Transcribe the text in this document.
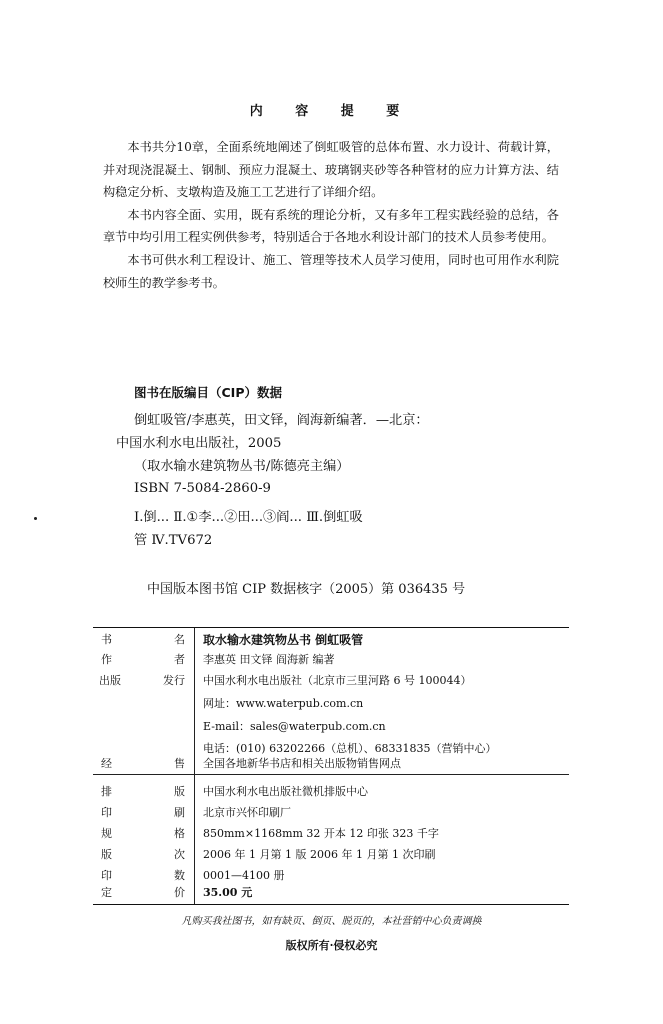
内 容 提 要

本书共分10章，全面系统地阐述了倒虹吸管的总体布置、水力设计、荷载计算，并对现浇混凝土、钢制、预应力混凝土、玻璃钢夹砂等各种管材的应力计算方法、结构稳定分析、支墩构造及施工工艺进行了详细介绍。

本书内容全面、实用，既有系统的理论分析，又有多年工程实践经验的总结，各章节中均引用工程实例供参考，特别适合于各地水利设计部门的技术人员参考使用。

本书可供水利工程设计、施工、管理等技术人员学习使用，同时也可用作水利院校师生的教学参考书。

图书在版编目（CIP）数据
倒虹吸管/李惠英，田文铎，阎海新编著．—北京：
中国水利水电出版社，2005
（取水输水建筑物丛书/陈德亮主编）
ISBN 7-5084-2860-9
Ⅰ.倒... Ⅱ.①李...②田...③阎... Ⅲ.倒虹吸
管 Ⅳ.TV672
中国版本图书馆 CIP 数据核字（2005）第 036435 号
书	名 取水输水建筑物丛书 倒虹吸管
作	者 李惠英 田文铎 阎海新 编著
出版	发行 中国水利水电出版社（北京市三里河路 6 号 100044）
网址：www.waterpub.com.cn
E-mail：sales@waterpub.com.cn
电话：(010) 63202266（总机）、68331835（营销中心）
经	售 全国各地新华书店和相关出版物销售网点
排	版 中国水利水电出版社微机排版中心
印	刷 北京市兴怀印刷厂
规	格 850mm×1168mm 32 开本 12 印张 323 千字
版	次 2006 年 1 月第 1 版 2006 年 1 月第 1 次印刷
印	数 0001—4100 册
定	价 35.00 元
凡购买我社图书，如有缺页、倒页、脱页的，本社营销中心负责调换
版权所有·侵权必究
